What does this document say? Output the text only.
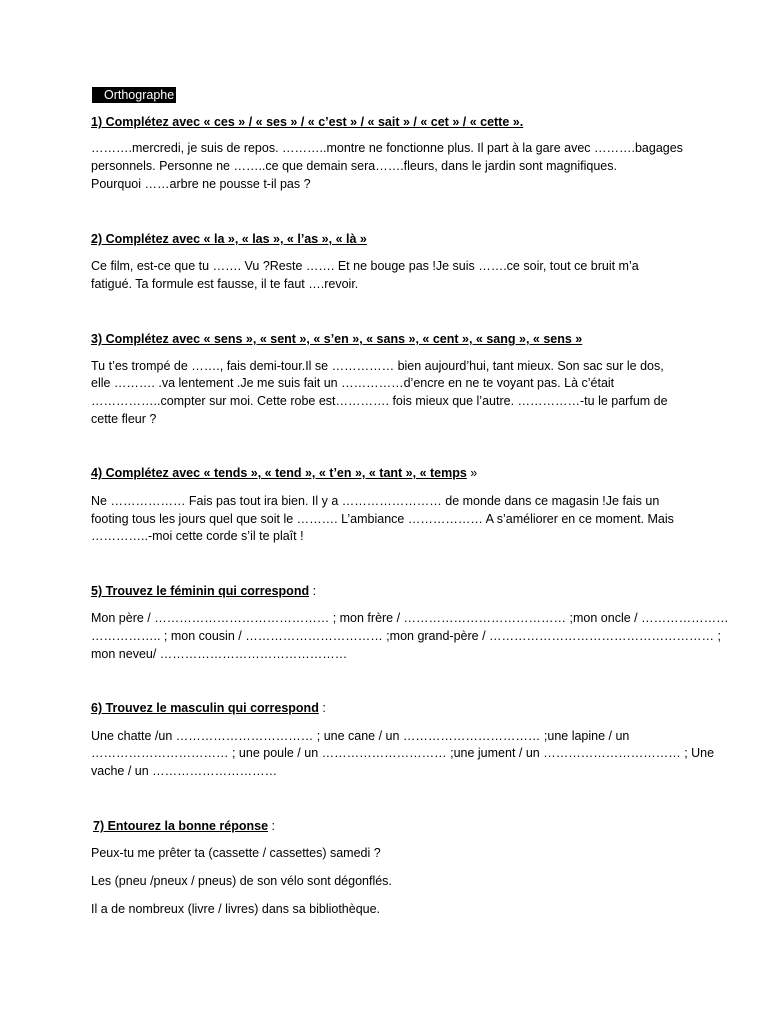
Orthographe
1) Complétez avec « ces » / « ses » / « c’est » / « sait » / « cet » / « cette ».
……….mercredi, je suis de repos. ………..montre ne fonctionne plus. Il part à la gare avec ……….bagages
personnels. Personne ne ……..ce que demain sera…….fleurs, dans le jardin sont magnifiques.
Pourquoi ……arbre ne pousse t-il pas ?
2) Complétez avec « la », « las », « l’as », « là »
Ce film, est-ce que tu ……. Vu ?Reste ……. Et ne bouge pas !Je suis …….ce soir, tout ce bruit m’a
fatigué. Ta formule est fausse, il te faut ….revoir.
3) Complétez avec « sens », « sent », « s’en », « sans », « cent », « sang », « sens »
Tu t’es trompé de ……., fais demi-tour.Il se …………… bien aujourd’hui, tant mieux. Son sac sur le dos,
elle ………. .va lentement .Je me suis fait un ……………d’encre en ne te voyant pas. Là c’était
……………..compter sur moi. Cette robe est…………. fois mieux que l’autre. ……………-tu le parfum de
cette fleur ?
4) Complétez avec « tends », « tend », « t’en », « tant », « temps »
Ne ……………… Fais pas tout ira bien. Il y a …………………… de monde dans ce magasin !Je fais un
footing tous les jours quel que soit le ………. L’ambiance ……………… A s’améliorer en ce moment. Mais
…………..-moi cette corde s’il te plaît !
5) Trouvez le féminin qui correspond :
Mon père / …………………………………… ; mon frère / ………………………………… ;mon oncle / …………………
…………….. ; mon cousin / …………………………… ;mon grand-père / ……………………………………………… ;
mon neveu/ ………………………………………
6) Trouvez le masculin qui correspond :
Une chatte /un …………………………… ; une cane / un …………………………… ;une lapine / un
…………………………… ; une poule / un ………………………… ;une jument / un …………………………… ; Une
vache / un …………………………
7) Entourez la bonne réponse :
Peux-tu me prêter ta (cassette / cassettes) samedi ?
Les (pneu /pneux / pneus) de son vélo sont dégonflés.
Il a de nombreux (livre / livres) dans sa bibliothèque.
